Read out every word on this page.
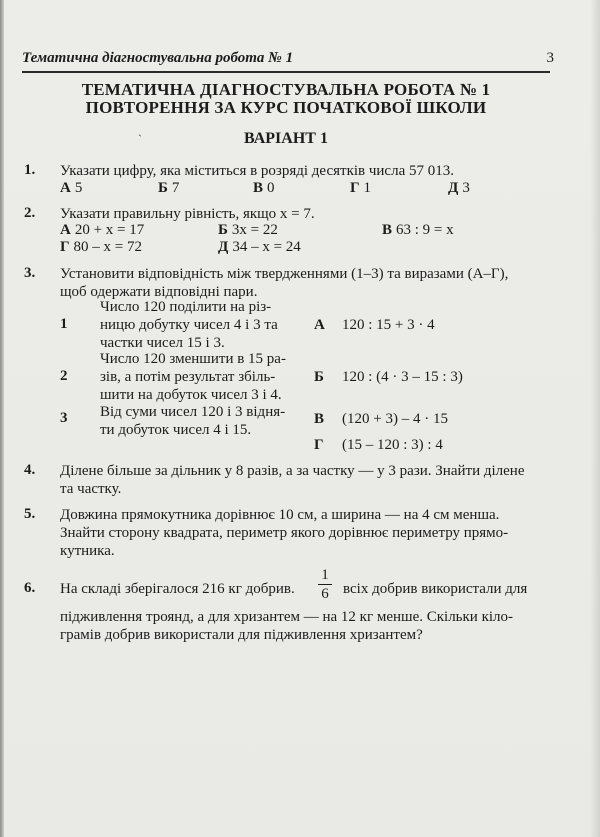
Тематична діагностувальна робота № 1	3
ТЕМАТИЧНА ДІАГНОСТУВАЛЬНА РОБОТА № 1
ПОВТОРЕННЯ ЗА КУРС ПОЧАТКОВОЇ ШКОЛИ
ˋ	ВАРІАНТ 1
1. Указати цифру, яка міститься в розряді десятків числа 57 013.
А 5	Б 7	В 0	Г 1	Д 3
2. Указати правильну рівність, якщо x = 7.
А 20 + x = 17	Б 3x = 22	В 63 : 9 = x
Г 80 – x = 72	Д 34 – x = 24
3. Установити відповідність між твердженнями (1–3) та виразами (А–Г),
щоб одержати відповідні пари.
1
Число 120 поділити на різ-
ницю добутку чисел 4 і 3 та
частки чисел 15 і 3.
2
Число 120 зменшити в 15 ра-
зів, а потім результат збіль-
шити на добуток чисел 3 і 4.
3 Від суми чисел 120 і 3 відня-
ти добуток чисел 4 і 15.
А 120 : 15 + 3 · 4
Б 120 : (4 · 3 – 15 : 3)
В (120 + 3) – 4 · 15
Г (15 – 120 : 3) : 4
4. Ділене більше за дільник у 8 разів, а за частку — у 3 рази. Знайти ділене
та частку.
5. Довжина прямокутника дорівнює 10 см, а ширина — на 4 см менша.
Знайти сторону квадрата, периметр якого дорівнює периметру прямо-
кутника.
6. На складі зберігалося 216 кг добрив.
1
6 всіх добрив використали для
підживлення троянд, а для хризантем — на 12 кг менше. Скільки кіло-
грамів добрив використали для підживлення хризантем?
